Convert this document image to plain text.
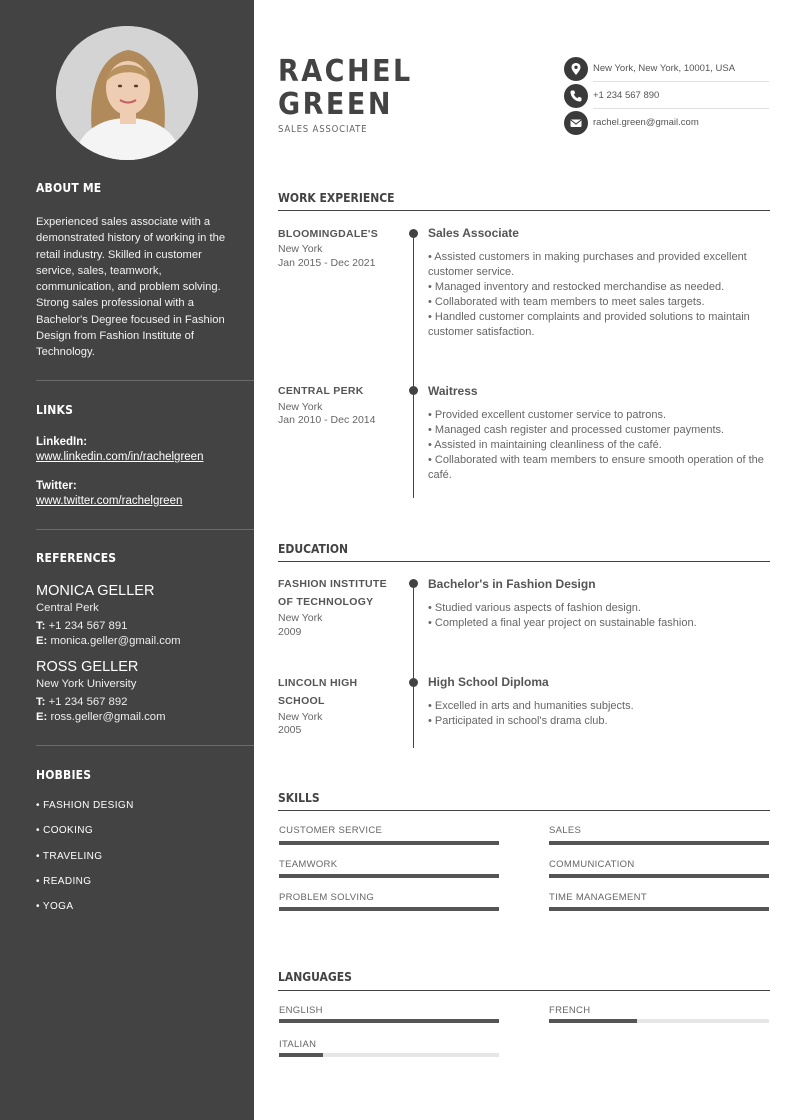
ABOUT ME
Experienced sales associate with a demonstrated history of working in the retail industry. Skilled in customer service, sales, teamwork, communication, and problem solving. Strong sales professional with a Bachelor's Degree focused in Fashion Design from Fashion Institute of Technology.
LINKS
LinkedIn:
www.linkedin.com/in/rachelgreen
Twitter:
www.twitter.com/rachelgreen
REFERENCES
MONICA GELLER
Central Perk
T: +1 234 567 891
E: monica.geller@gmail.com
ROSS GELLER
New York University
T: +1 234 567 892
E: ross.geller@gmail.com
HOBBIES
• FASHION DESIGN
• COOKING
• TRAVELING
• READING
• YOGA
RACHEL
GREEN
SALES ASSOCIATE
New York, New York, 10001, USA
+1 234 567 890
rachel.green@gmail.com
WORK EXPERIENCE
BLOOMINGDALE'S
New York
Jan 2015 - Dec 2021
Sales Associate
• Assisted customers in making purchases and provided excellent customer service.
• Managed inventory and restocked merchandise as needed.
• Collaborated with team members to meet sales targets.
• Handled customer complaints and provided solutions to maintain customer satisfaction.
CENTRAL PERK
New York
Jan 2010 - Dec 2014
Waitress
• Provided excellent customer service to patrons.
• Managed cash register and processed customer payments.
• Assisted in maintaining cleanliness of the café.
• Collaborated with team members to ensure smooth operation of the café.
EDUCATION
FASHION INSTITUTE OF TECHNOLOGY
New York
2009
Bachelor's in Fashion Design
• Studied various aspects of fashion design.
• Completed a final year project on sustainable fashion.
LINCOLN HIGH SCHOOL
New York
2005
High School Diploma
• Excelled in arts and humanities subjects.
• Participated in school's drama club.
SKILLS
CUSTOMER SERVICE	SALES
TEAMWORK	COMMUNICATION
PROBLEM SOLVING	TIME MANAGEMENT
LANGUAGES
ENGLISH	FRENCH
ITALIAN
